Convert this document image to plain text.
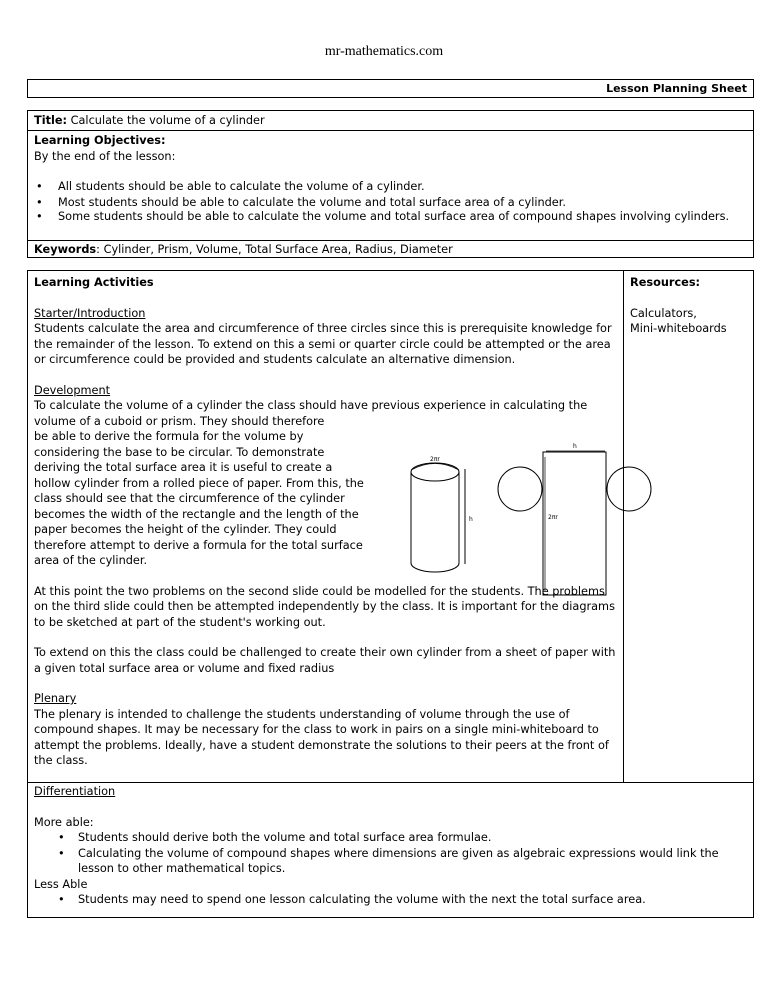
mr-mathematics.com
Lesson Planning Sheet
Title: Calculate the volume of a cylinder
Learning Objectives:
By the end of the lesson:
• All students should be able to calculate the volume of a cylinder.
• Most students should be able to calculate the volume and total surface area of a cylinder.
• Some students should be able to calculate the volume and total surface area of compound shapes involving cylinders.
Keywords: Cylinder, Prism, Volume, Total Surface Area, Radius, Diameter
Learning Activities
Starter/Introduction

Students calculate the area and circumference of three circles since this is prerequisite knowledge for the remainder of the lesson. To extend on this a semi or quarter circle could be attempted or the area or circumference could be provided and students calculate an alternative dimension.

Development

To calculate the volume of a cylinder the class should have previous experience in calculating the volume of a cuboid or prism. They should therefore

be able to derive the formula for the volume by considering the base to be circular. To demonstrate deriving the total surface area it is useful to create a hollow cylinder from a rolled piece of paper. From this, the class should see that the circumference of the cylinder becomes the width of the rectangle and the length of the paper becomes the height of the cylinder. They could therefore attempt to derive a formula for the total surface area of the cylinder.

At this point the two problems on the second slide could be modelled for the students. The problems on the third slide could then be attempted independently by the class. It is important for the diagrams to be sketched at part of the student's working out.

To extend on this the class could be challenged to create their own cylinder from a sheet of paper with a given total surface area or volume and fixed radius

Plenary

The plenary is intended to challenge the students understanding of volume through the use of compound shapes. It may be necessary for the class to work in pairs on a single mini-whiteboard to attempt the problems. Ideally, have a student demonstrate the solutions to their peers at the front of the class.

Resources:
Calculators,
Mini-whiteboards
2πr
h
h
2πr
Differentiation
More able:
• Students should derive both the volume and total surface area formulae.
• Calculating the volume of compound shapes where dimensions are given as algebraic expressions would link the lesson to other mathematical topics.
Less Able
• Students may need to spend one lesson calculating the volume with the next the total surface area.
